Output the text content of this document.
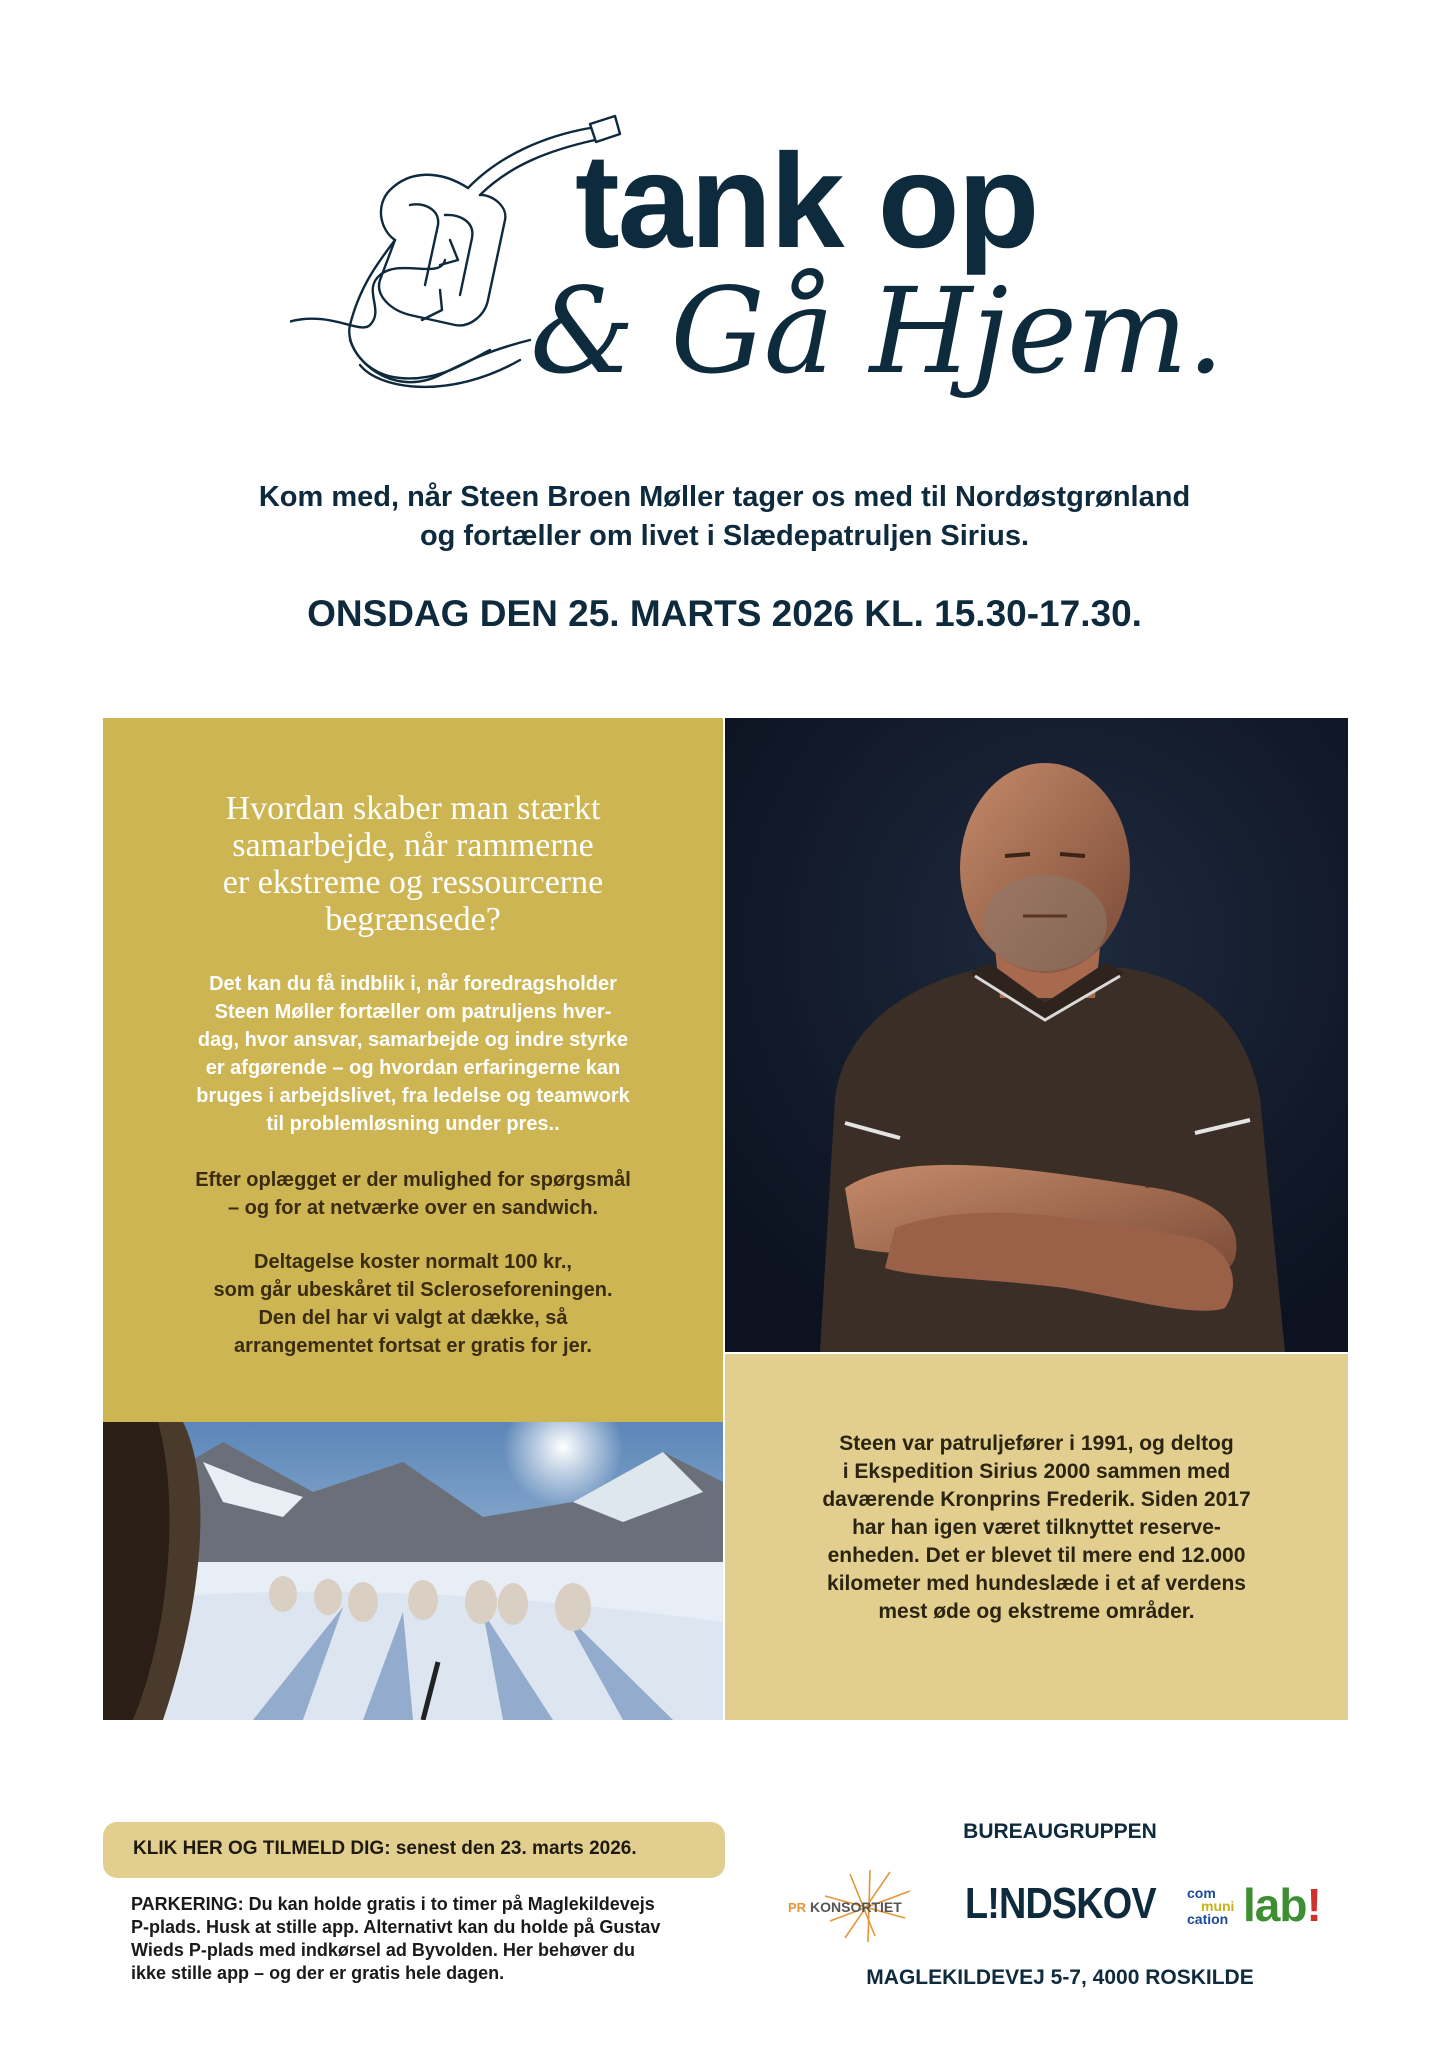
tank op
& Gå Hjem.
Kom med, når Steen Broen Møller tager os med til Nordøstgrønland
og fortæller om livet i Slædepatruljen Sirius.
ONSDAG DEN 25. MARTS 2026 KL. 15.30-17.30.
Hvordan skaber man stærkt
samarbejde, når rammerne
er ekstreme og ressourcerne
begrænsede?
Det kan du få indblik i, når foredragsholder
Steen Møller fortæller om patruljens hver-
dag, hvor ansvar, samarbejde og indre styrke
er afgørende – og hvordan erfaringerne kan
bruges i arbejdslivet, fra ledelse og teamwork
til problemløsning under pres..
Efter oplægget er der mulighed for spørgsmål
– og for at netværke over en sandwich.
Deltagelse koster normalt 100 kr.,
som går ubeskåret til Scleroseforeningen.
Den del har vi valgt at dække, så
arrangementet fortsat er gratis for jer.
Steen var patruljefører i 1991, og deltog
i Ekspedition Sirius 2000 sammen med
daværende Kronprins Frederik. Siden 2017
har han igen været tilknyttet reserve-
enheden. Det er blevet til mere end 12.000
kilometer med hundeslæde i et af verdens
mest øde og ekstreme områder.
KLIK HER OG TILMELD DIG: senest den 23. marts 2026.
PARKERING: Du kan holde gratis i to timer på Maglekildevejs
P-plads. Husk at stille app. Alternativt kan du holde på Gustav
Wieds P-plads med indkørsel ad Byvolden. Her behøver du
ikke stille app – og der er gratis hele dagen.
BUREAUGRUPPEN
PR KONSORTIET L!NDSKOV com
muni
cation lab!
MAGLEKILDEVEJ 5-7, 4000 ROSKILDE
